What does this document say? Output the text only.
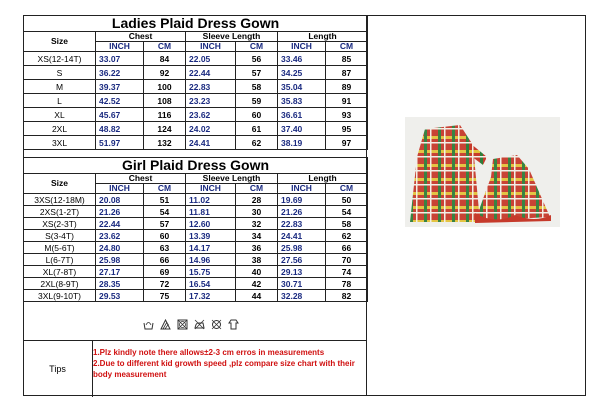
Ladies Plaid Dress Gown						
Size	Chest		Sleeve Length		Length	
	INCH	CM	INCH	CM	INCH	CM
XS(12-14T)	33.07	84	22.05	56	33.46	85
S	36.22	92	22.44	57	34.25	87
M	39.37	100	22.83	58	35.04	89
L	42.52	108	23.23	59	35.83	91
XL	45.67	116	23.62	60	36.61	93
2XL	48.82	124	24.02	61	37.40	95
3XL	51.97	132	24.41	62	38.19	97
Girl Plaid Dress Gown						
Size	Chest		Sleeve Length		Length	
	INCH	CM	INCH	CM	INCH	CM
3XS(12-18M)	20.08	51	11.02	28	19.69	50
2XS(1-2T)	21.26	54	11.81	30	21.26	54
XS(2-3T)	22.44	57	12.60	32	22.83	58
S(3-4T)	23.62	60	13.39	34	24.41	62
M(5-6T)	24.80	63	14.17	36	25.98	66
L(6-7T)	25.98	66	14.96	38	27.56	70
XL(7-8T)	27.17	69	15.75	40	29.13	74
2XL(8-9T)	28.35	72	16.54	42	30.71	78
3XL(9-10T)	29.53	75	17.32	44	32.28	82
Tips
1.Plz kindly note there allows±2-3 cm erros in measurements
2.Due to different kid growth speed ,plz compare size chart with their body measurement
